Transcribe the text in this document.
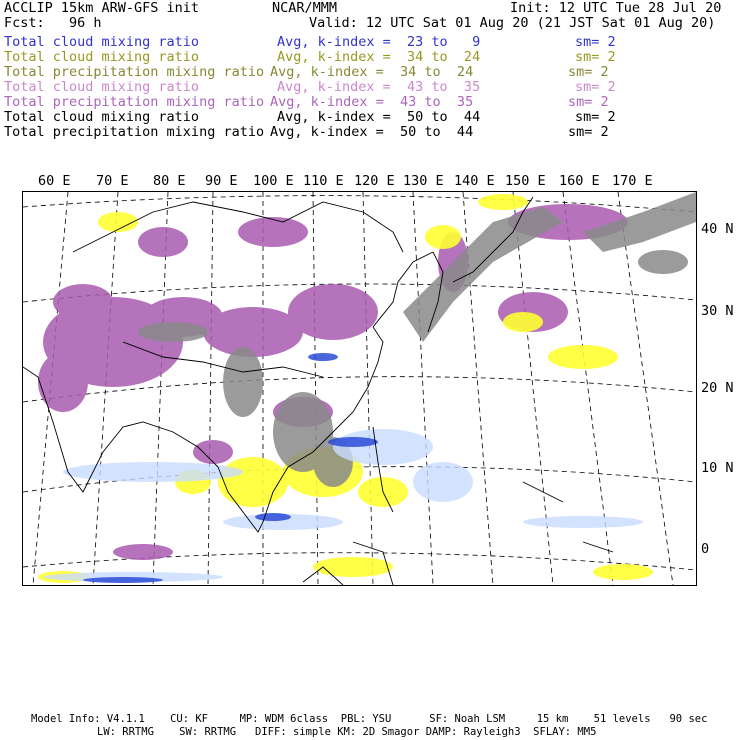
ACCLIP 15km ARW-GFS init	NCAR/MMM	Init: 12 UTC Tue 28 Jul 20
Fcst:   96 h	Valid: 12 UTC Sat 01 Aug 20 (21 JST Sat 01 Aug 20)
Total cloud mixing ratio	Avg, k-index =  23 to   9	sm= 2
Total cloud mixing ratio	Avg, k-index =  34 to  24	sm= 2
Total precipitation mixing ratio Avg, k-index =  34 to  24	sm= 2
Total cloud mixing ratio	Avg, k-index =  43 to  35	sm= 2
Total precipitation mixing ratio Avg, k-index =  43 to  35	sm= 2
Total cloud mixing ratio	Avg, k-index =  50 to  44	sm= 2
Total precipitation mixing ratio Avg, k-index =  50 to  44	sm= 2
60 E 70 E 80 E 90 E 100 E 110 E 120 E 130 E 140 E 150 E 160 E 170 E
40 N
30 N
20 N
10 N
0
Model Info: V4.1.1    CU: KF     MP: WDM 6class  PBL: YSU      SF: Noah LSM     15 km    51 levels   90 sec
LW: RRTMG    SW: RRTMG   DIFF: simple KM: 2D Smagor DAMP: Rayleigh3  SFLAY: MM5
